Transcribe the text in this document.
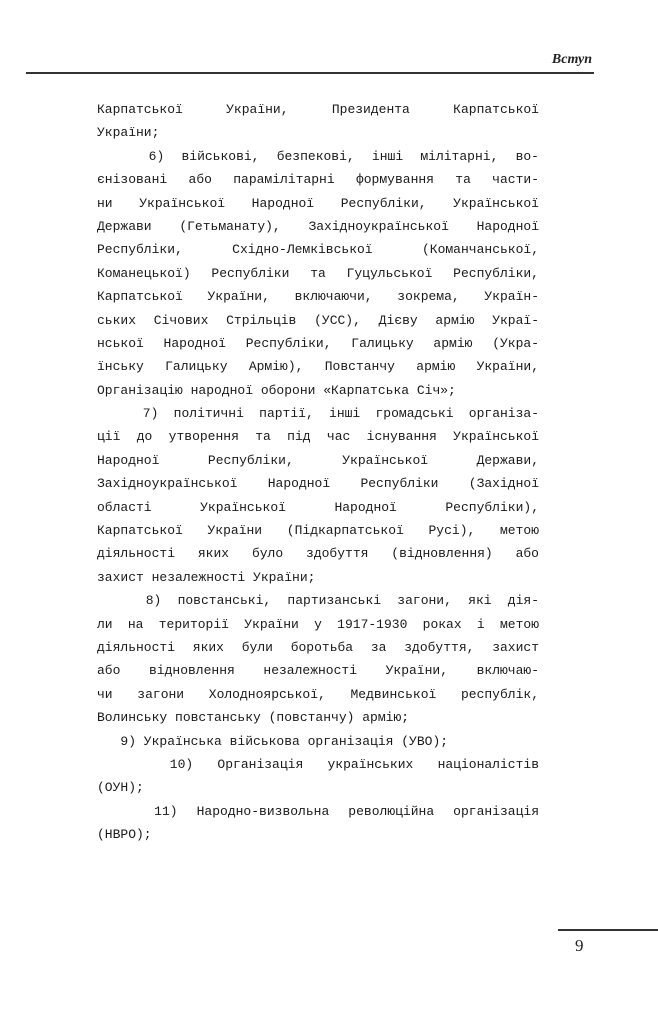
Вступ
Карпатської України, Президента Карпатської
України;
6) військові, безпекові, інші мілітарні, во-
єнізовані або парамілітарні формування та части-
ни Української Народної Республіки, Української
Держави (Гетьманату), Західноукраїнської Народної
Республіки, Східно-Лемківської (Команчанської,
Команецької) Республіки та Гуцульської Республіки,
Карпатської України, включаючи, зокрема, Україн-
ських Січових Стрільців (УСС), Дієву армію Украї-
нської Народної Республіки, Галицьку армію (Укра-
їнську Галицьку Армію), Повстанчу армію України,
Організацію народної оборони «Карпатська Січ»;
7) політичні партії, інші громадські організа-
ції до утворення та під час існування Української
Народної Республіки, Української Держави,
Західноукраїнської Народної Республіки (Західної
області Української Народної Республіки),
Карпатської України (Підкарпатської Русі), метою
діяльності яких було здобуття (відновлення) або
захист незалежності України;
8) повстанські, партизанські загони, які дія-
ли на території України у 1917-1930 роках і метою
діяльності яких були боротьба за здобуття, захист
або відновлення незалежності України, включаю-
чи загони Холодноярської, Медвинської республік,
Волинську повстанську (повстанчу) армію;
9) Українська військова організація (УВО);
10) Організація українських націоналістів
(ОУН);
11) Народно-визвольна революційна організація
(НВРО);
9
